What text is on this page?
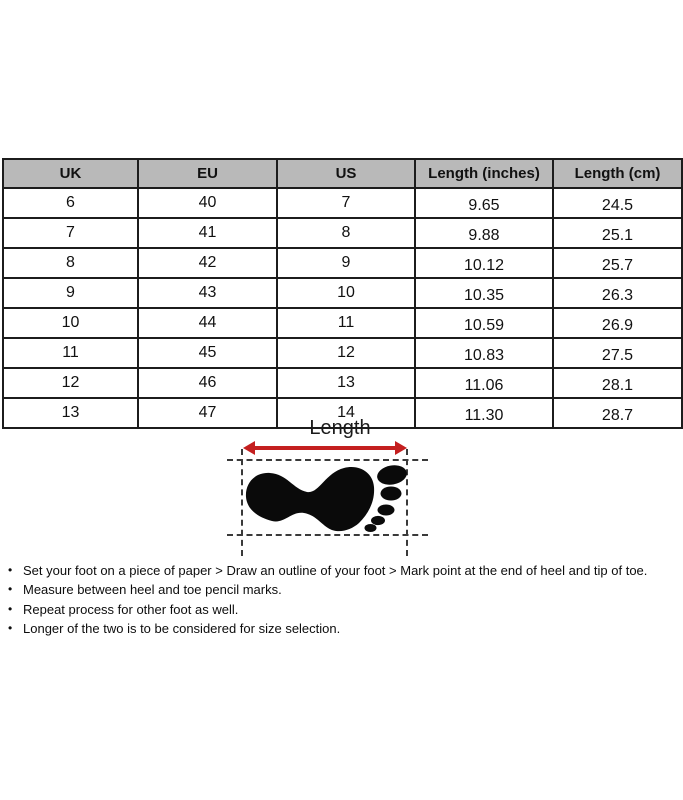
UK	EU	US	Length (inches)	Length (cm)
6	40	7	9.65	24.5
7	41	8	9.88	25.1
8	42	9	10.12	25.7
9	43	10	10.35	26.3
10	44	11	10.59	26.9
11	45	12	10.83	27.5
12	46	13	11.06	28.1
13	47	14	11.30	28.7
Length
• Set your foot on a piece of paper > Draw an outline of your foot > Mark point at the end of heel and tip of toe.
• Measure between heel and toe pencil marks.
• Repeat process for other foot as well.
• Longer of the two is to be considered for size selection.
